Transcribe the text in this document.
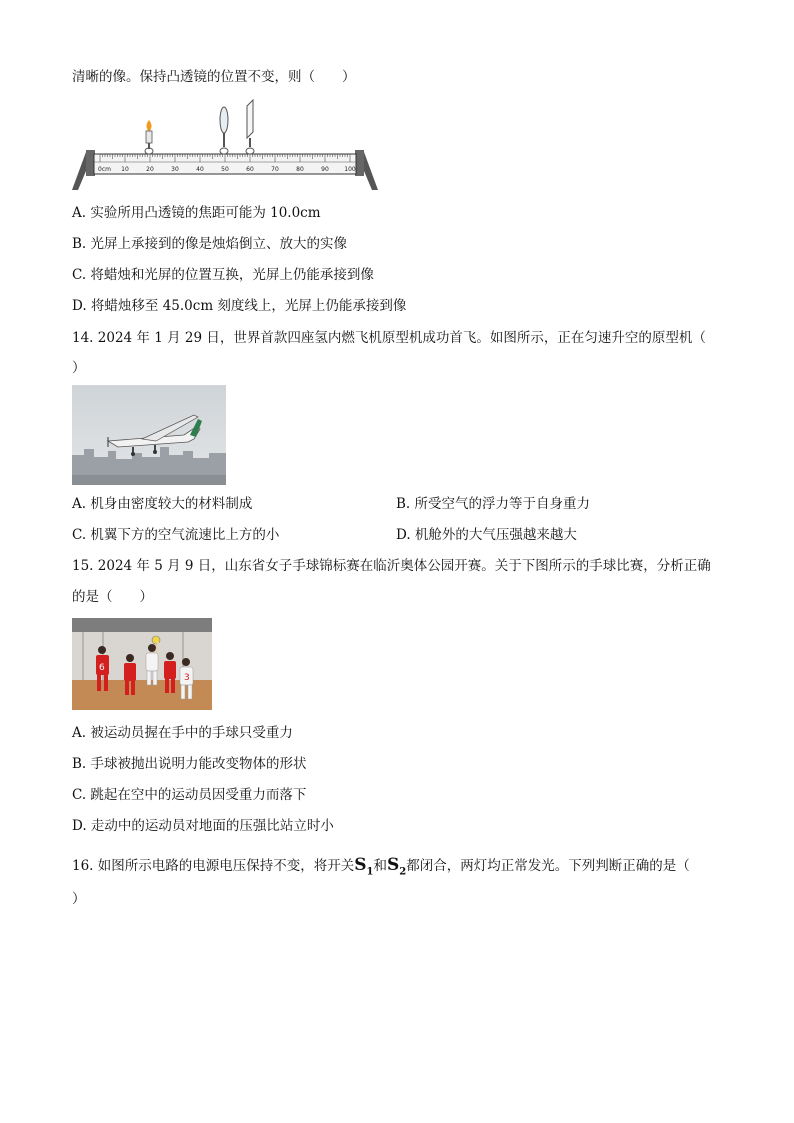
清晰的像。保持凸透镜的位置不变，则（　　）
0cm 10	20	30	40	50	60	70	80	90	100
A. 实验所用凸透镜的焦距可能为 10.0cm
B. 光屏上承接到的像是烛焰倒立、放大的实像
C. 将蜡烛和光屏的位置互换，光屏上仍能承接到像
D. 将蜡烛移至 45.0cm 刻度线上，光屏上仍能承接到像
14. 2024 年 1 月 29 日，世界首款四座氢内燃飞机原型机成功首飞。如图所示，正在匀速升空的原型机（
）
A. 机身由密度较大的材料制成	B. 所受空气的浮力等于自身重力
C. 机翼下方的空气流速比上方的小	D. 机舱外的大气压强越来越大
15. 2024 年 5 月 9 日，山东省女子手球锦标赛在临沂奥体公园开赛。关于下图所示的手球比赛，分析正确
的是（　　）
6
3
A. 被运动员握在手中的手球只受重力
B. 手球被抛出说明力能改变物体的形状
C. 跳起在空中的运动员因受重力而落下
D. 走动中的运动员对地面的压强比站立时小
16. 如图所示电路的电源电压保持不变，将开关$S_1$和$S_2$都闭合，两灯均正常发光。下列判断正确的是（
）
